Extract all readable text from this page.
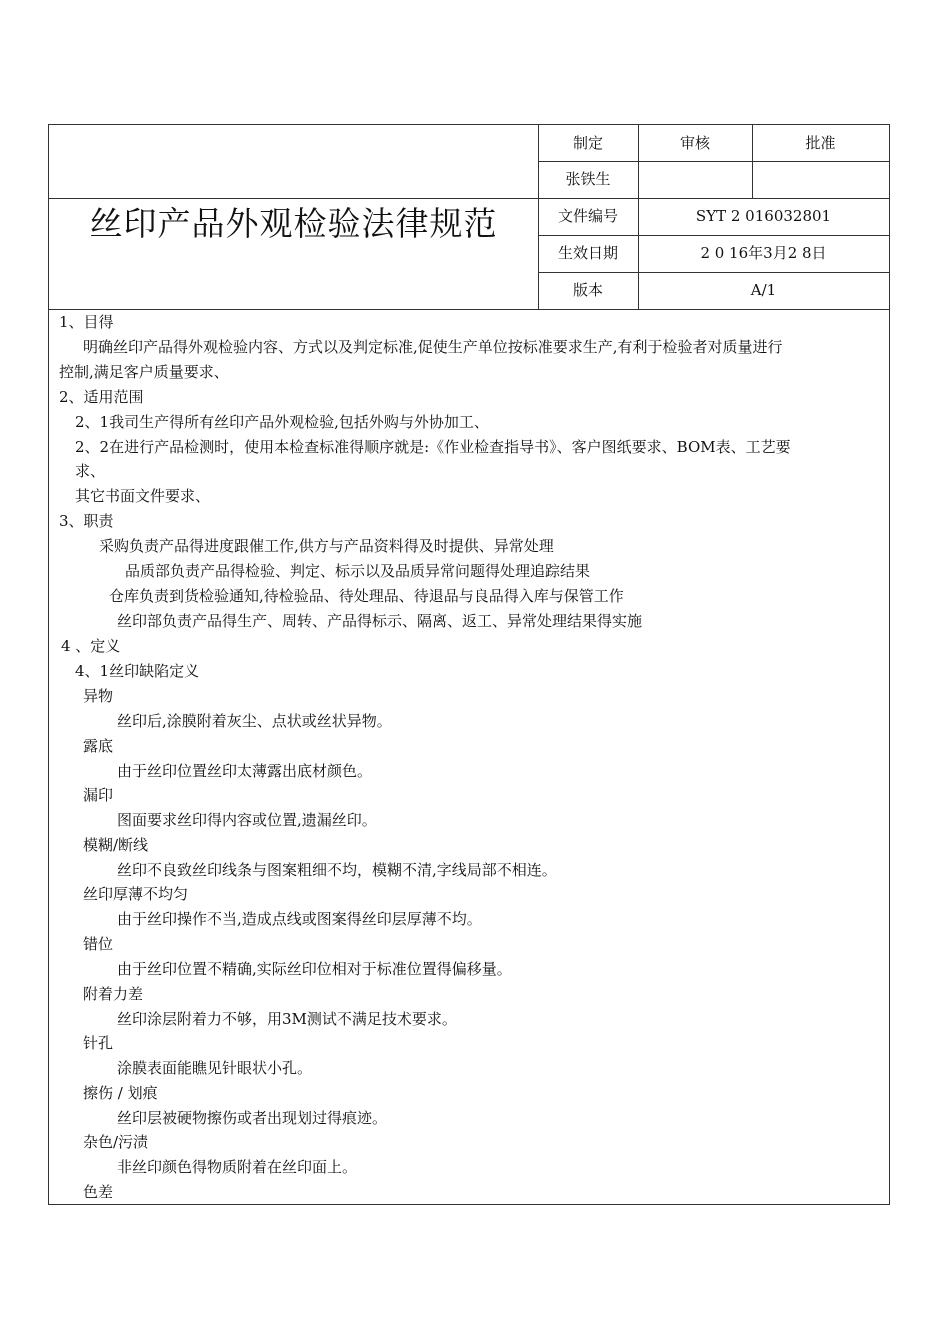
制定	审核	批准
张铁生
丝印产品外观检验法律规范	文件编号	SYT 2 016032801
生效日期	2 0 16年3月2 8日
版本	A/1
1、目得
明确丝印产品得外观检验内容、方式以及判定标准,促使生产单位按标准要求生产,有利于检验者对质量进行
控制,满足客户质量要求、
2、适用范围
2、1我司生产得所有丝印产品外观检验,包括外购与外协加工、
2、2在进行产品检测时，使用本检查标准得顺序就是:《作业检查指导书》、客户图纸要求、BOM表、工艺要
求、
其它书面文件要求、
3、职责
采购负责产品得进度跟催工作,供方与产品资料得及时提供、异常处理
品质部负责产品得检验、判定、标示以及品质异常问题得处理追踪结果
仓库负责到货检验通知,待检验品、待处理品、待退品与良品得入库与保管工作
丝印部负责产品得生产、周转、产品得标示、隔离、返工、异常处理结果得实施
4 、定义
4、1丝印缺陷定义
异物
丝印后,涂膜附着灰尘、点状或丝状异物。
露底
由于丝印位置丝印太薄露出底材颜色。
漏印
图面要求丝印得内容或位置,遗漏丝印。
模糊/断线
丝印不良致丝印线条与图案粗细不均，模糊不清,字线局部不相连。
丝印厚薄不均匀
由于丝印操作不当,造成点线或图案得丝印层厚薄不均。
错位
由于丝印位置不精确,实际丝印位相对于标准位置得偏移量。
附着力差
丝印涂层附着力不够，用3M测试不满足技术要求。
针孔
涂膜表面能瞧见针眼状小孔。
擦伤 / 划痕
丝印层被硬物擦伤或者出现划过得痕迹。
杂色/污渍
非丝印颜色得物质附着在丝印面上。
色差
